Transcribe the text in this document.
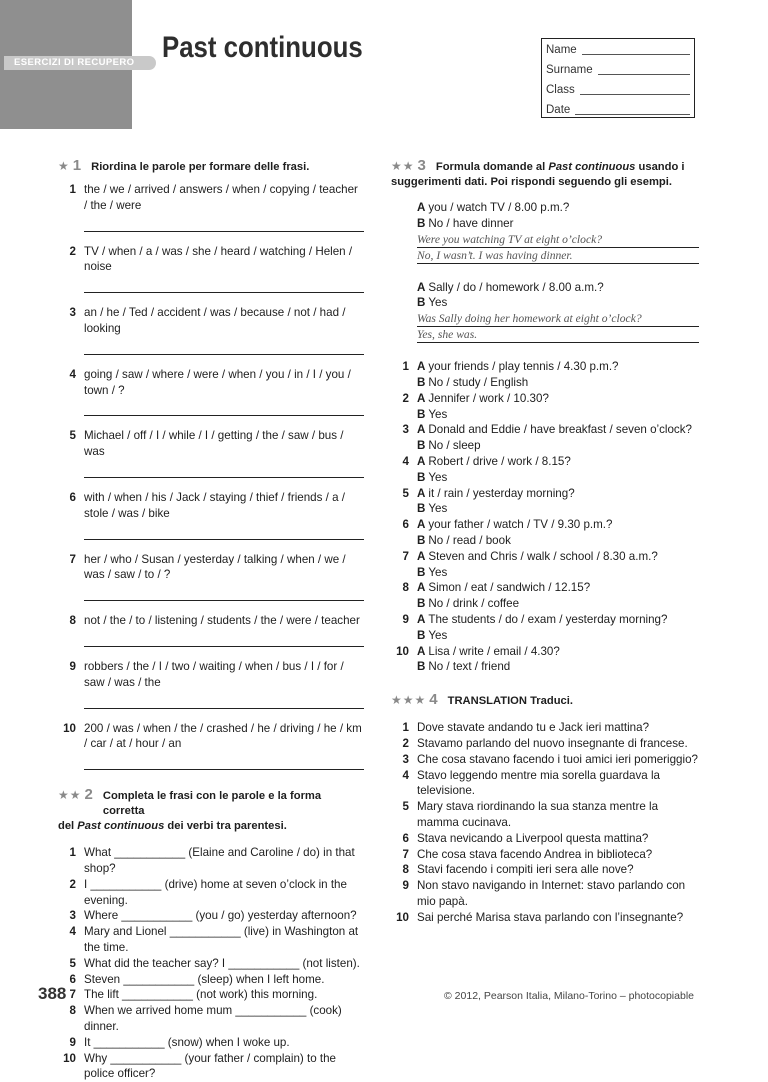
ESERCIZI DI RECUPERO Past continuous	Name
Surname
Class
Date
★ 1 Riordina le parole per formare delle frasi.
1 the / we / arrived / answers / when / copying / teacher / the / were
2 TV / when / a / was / she / heard / watching / Helen / noise
3 an / he / Ted / accident / was / because / not / had / looking
4 going / saw / where / were / when / you / in / I / you / town / ?
5 Michael / off / I / while / I / getting / the / saw / bus / was
6 with / when / his / Jack / staying / thief / friends / a / stole / was / bike
7 her / who / Susan / yesterday / talking / when / we / was / saw / to / ?
8 not / the / to / listening / students / the / were / teacher
9 robbers / the / I / two / waiting / when / bus / I / for / saw / was / the
10 200 / was / when / the / crashed / he / driving / he / km / car / at / hour / an
★★ 2 Completa le frasi con le parole e la forma corretta
del Past continuous dei verbi tra parentesi.
1 What ___________ (Elaine and Caroline / do) in that shop?
2 I ___________ (drive) home at seven o’clock in the evening.
3 Where ___________ (you / go) yesterday afternoon?
4 Mary and Lionel ___________ (live) in Washington at the time.
5 What did the teacher say? I ___________ (not listen).
6 Steven ___________ (sleep) when I left home.
7 The lift ___________ (not work) this morning.
8 When we arrived home mum ___________ (cook) dinner.
9 It ___________ (snow) when I woke up.
10 Why ___________ (your father / complain) to the police officer?
★★ 3 Formula domande al Past continuous usando i
suggerimenti dati. Poi rispondi seguendo gli esempi.
A you / watch TV / 8.00 p.m.?
B No / have dinner
Were you watching TV at eight o’clock?
No, I wasn’t. I was having dinner.
A Sally / do / homework / 8.00 a.m.?
B Yes
Was Sally doing her homework at eight o’clock?
Yes, she was.
1 A your friends / play tennis / 4.30 p.m.?
B No / study / English
2 A Jennifer / work / 10.30?
B Yes
3 A Donald and Eddie / have breakfast / seven o’clock?
B No / sleep
4 A Robert / drive / work / 8.15?
B Yes
5 A it / rain / yesterday morning?
B Yes
6 A your father / watch / TV / 9.30 p.m.?
B No / read / book
7 A Steven and Chris / walk / school / 8.30 a.m.?
B Yes
8 A Simon / eat / sandwich / 12.15?
B No / drink / coffee
9 A The students / do / exam / yesterday morning?
B Yes
10 A Lisa / write / email / 4.30?
B No / text / friend
★★★ 4 TRANSLATION Traduci.
1 Dove stavate andando tu e Jack ieri mattina?
2 Stavamo parlando del nuovo insegnante di francese.
3 Che cosa stavano facendo i tuoi amici ieri pomeriggio?
4 Stavo leggendo mentre mia sorella guardava la televisione.
5 Mary stava riordinando la sua stanza mentre la mamma cucinava.
6 Stava nevicando a Liverpool questa mattina?
7 Che cosa stava facendo Andrea in biblioteca?
8 Stavi facendo i compiti ieri sera alle nove?
9 Non stavo navigando in Internet: stavo parlando con mio papà.
10 Sai perché Marisa stava parlando con l’insegnante?
388	© 2012, Pearson Italia, Milano-Torino – photocopiable
